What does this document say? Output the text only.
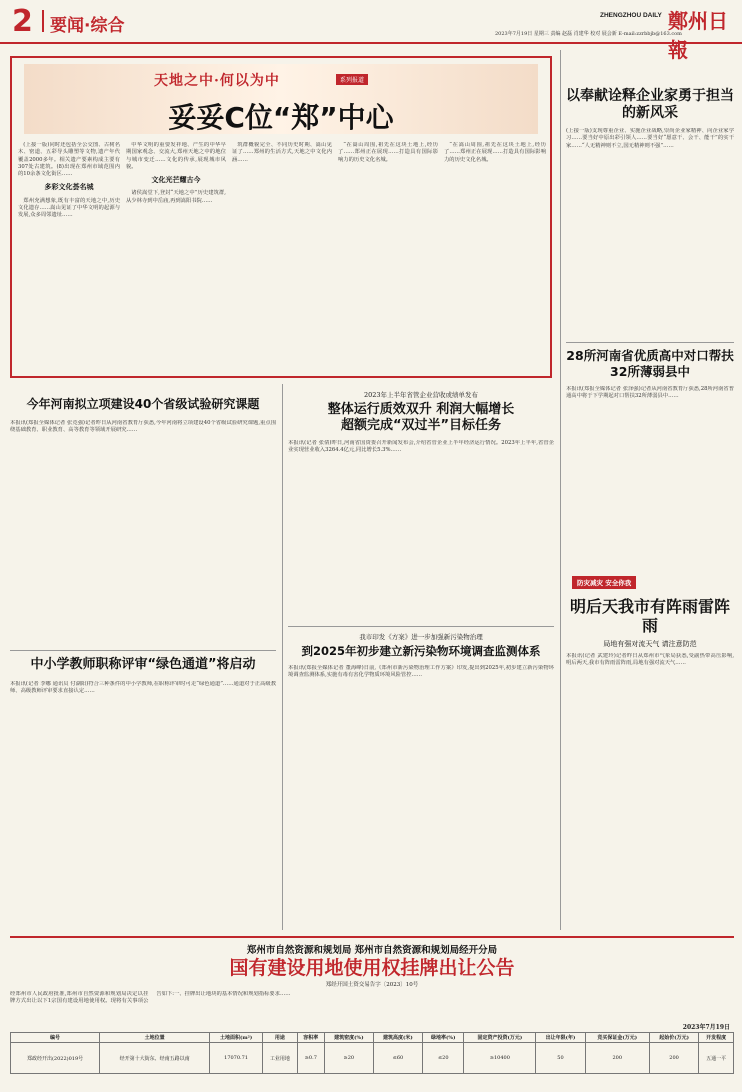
2 要闻·综合
ZHENGZHOU DAILY 鄭州日報
2023年7月19日 星期三 责编 赵磊 肖建华 校对 展会新 E-mail:zzrbbjb@163.com
天地之中·何以为中	系列报道
妥妥C位“郑”中心

(上接一版)同时还包括全公交图、古树名木、密道、五彩导头雕塑等文物,遗产年代覆盖2000多年。相关遗产要素构成主要有307处古建筑。(8)出现在郑州市域范围内的10余条文化街区……

多彩文化荟名城

郑州充满想象,既有丰富的天地之中,历史文化遗存……嵩山见证了中华文明的起源与发展,众多周邻遗址……

中华文明的重要发祥地、产生的中华早期国家观念、交流大,郑州天地之中的地位与城市变迁……文化的传承,展现城市风貌。

文化光芒耀古今

诸侯嵩堂下,登封“天地之中”历史建筑群,从少林寺到中岳庙,再到嵩阳书院……

筑群概貌完全、不同历史时期、嵩山见证了……郑州的生活方式,天地之中文化内涵……

“在嵩山周围,祖先在这块土地上,经历了……郑州正在展现……打造具有国际影响力的历史文化名城。

“在嵩山周围,祖先在这块土地上,经历了……郑州正在展现……打造具有国际影响力的历史文化名城。

以奉献诠释企业家勇于担当的新风采
(上接一版)支现尊重企业、实施企业战略,崇尚企业家精神、向企业家学习……要当好中原出彩引领人……要当好“愿意干、会干、能干”的实干家……“人无精神则不立,国无精神则不强”……
28所河南省优质高中对口帮扶32所薄弱县中
本报讯(郑报全媒体记者 张泽强)记者从河南省教育厅获悉,28所河南省普通高中将于下学期起对口帮扶32所薄弱县中……
防灾减灾 安全你我
明后天我市有阵雨雷阵雨
局地有强对流天气 请注意防范
本报讯(记者 武建玲)记者昨日从郑州市气象局获悉,受副热带高压影响,明后两天,我市有阵雨雷阵雨,局地有强对流天气……
今年河南拟立项建设40个省级试验研究课题
本报讯(郑报全媒体记者 张竞强)记者昨日从河南省教育厅获悉,今年河南将立项建设40个省级试验研究课题,重点围绕基础教育、职业教育、高等教育等领域开展研究……
中小学教师职称评审“绿色通道”将启动
本报讯(记者 李娜 通讯员 付湖阳)符合三种条件的中小学教师,在职称评审时可走“绿色通道”……通道对于正高级教师、高级教师评审要求直接认定……
2023年上半年省管企业营收或绩单发布
整体运行质效双升 利润大幅增长
超额完成“双过半”目标任务
本报讯(记者 张倩)昨日,河南省国资委召开新闻发布会,介绍省管企业上半年经济运行情况。2023年上半年,省管企业实现营业收入3264.4亿元,同比增长5.3%……
我市印发《方案》进一步加强新污染物治理
到2025年初步建立新污染物环境调查监测体系
本报讯(郑报全媒体记者 董海峰)日前,《郑州市新污染物治理工作方案》印发,提出到2025年,初步建立新污染物环境调查监测体系,实施有毒有害化学物质环境风险管控……
郑州市自然资源和规划局 郑州市自然资源和规划局经开分局
国有建设用地使用权挂牌出让公告
郑经开国土资交易告字〔2023〕10号
经郑州市人民政府批准,郑州市自然资源和规划局决定以挂牌方式出让以下1宗国有建设用地使用权。现将有关事项公告如下:一、挂牌出让地块的基本情况和规划指标要求……
2023年7月19日
编号	土地位置	土地面积(m²)	用途	容积率	建筑密度(%)	建筑高度(米)	绿地率(%)	固定资产投资(万元)	出让年限(年)	竞买保证金(万元)	起始价(万元)	开发程度
郑政经开出(2022)019号	经开第十大街东、经南五路以南	17070.71	工业用地	≥0.7	≥20	≤60	≤20	≥10400	50	200	200	五通一平
